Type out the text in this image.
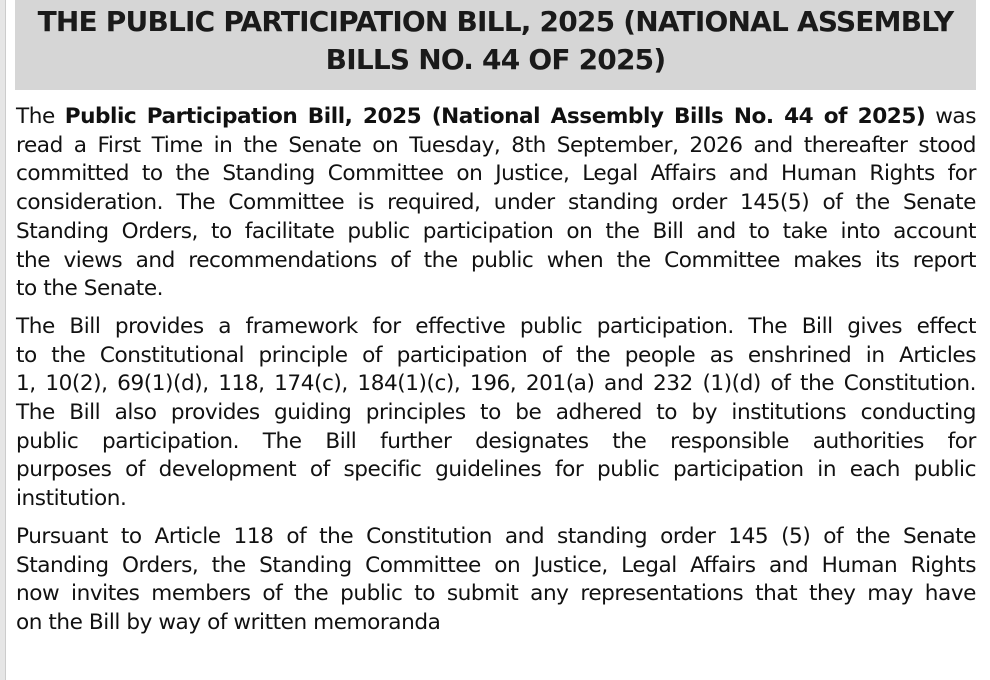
THE PUBLIC PARTICIPATION BILL, 2025 (NATIONAL ASSEMBLY
BILLS NO. 44 OF 2025)
The Public Participation Bill, 2025 (National Assembly Bills No. 44 of 2025) was
read a First Time in the Senate on Tuesday, 8th September, 2026 and thereafter stood
committed to the Standing Committee on Justice, Legal Affairs and Human Rights for
consideration. The Committee is required, under standing order 145(5) of the Senate
Standing Orders, to facilitate public participation on the Bill and to take into account
the views and recommendations of the public when the Committee makes its report
to the Senate.
The Bill provides a framework for effective public participation. The Bill gives effect
to the Constitutional principle of participation of the people as enshrined in Articles
1, 10(2), 69(1)(d), 118, 174(c), 184(1)(c), 196, 201(a) and 232 (1)(d) of the Constitution.
The Bill also provides guiding principles to be adhered to by institutions conducting
public participation. The Bill further designates the responsible authorities for
purposes of development of specific guidelines for public participation in each public
institution.
Pursuant to Article 118 of the Constitution and standing order 145 (5) of the Senate
Standing Orders, the Standing Committee on Justice, Legal Affairs and Human Rights
now invites members of the public to submit any representations that they may have
on the Bill by way of written memoranda
